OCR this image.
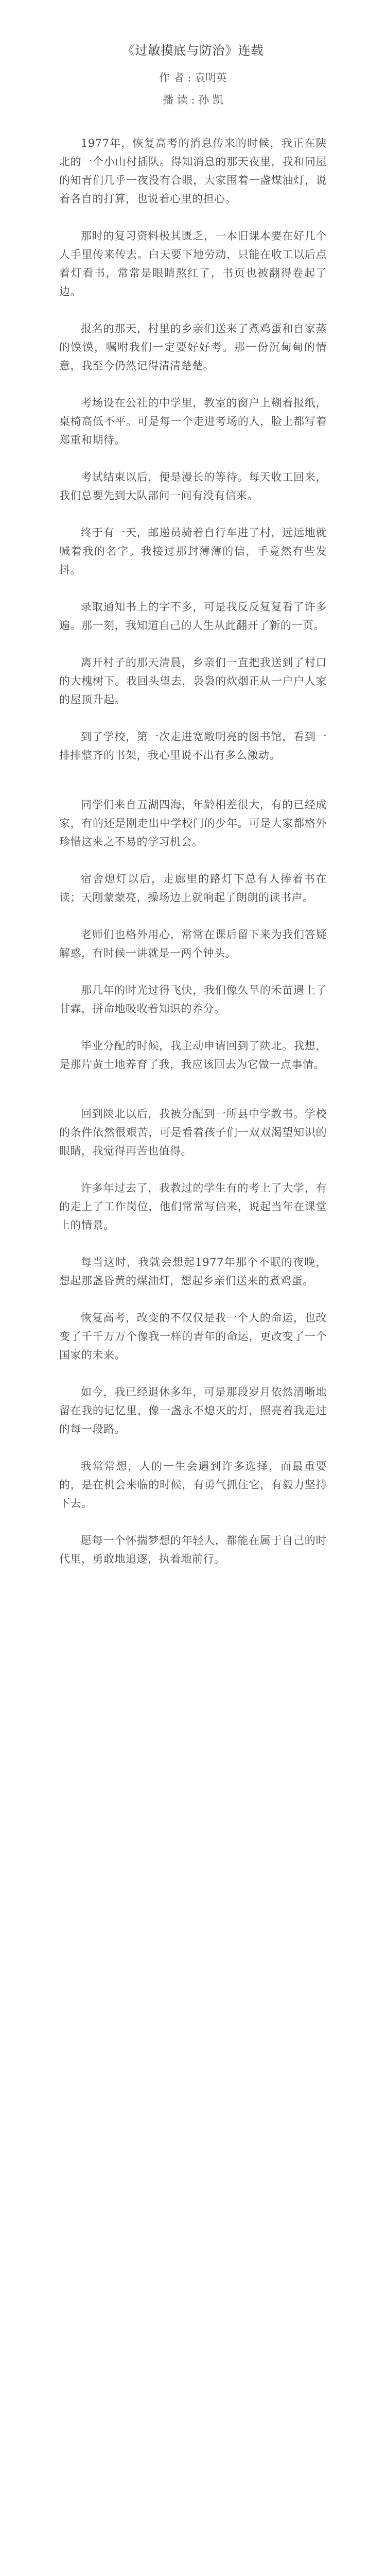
《过敏摸底与防治》连载
作 者 : 袁明英
播 读 : 孙 凯

1977年，恢复高考的消息传来的时候，我正在陕北的一个小山村插队。得知消息的那天夜里，我和同屋的知青们几乎一夜没有合眼，大家围着一盏煤油灯，说着各自的打算，也说着心里的担心。

那时的复习资料极其匮乏，一本旧课本要在好几个人手里传来传去。白天要下地劳动，只能在收工以后点着灯看书，常常是眼睛熬红了，书页也被翻得卷起了边。

报名的那天，村里的乡亲们送来了煮鸡蛋和自家蒸的馍馍，嘱咐我们一定要好好考。那一份沉甸甸的情意，我至今仍然记得清清楚楚。

考场设在公社的中学里，教室的窗户上糊着报纸，桌椅高低不平。可是每一个走进考场的人，脸上都写着郑重和期待。

考试结束以后，便是漫长的等待。每天收工回来，我们总要先到大队部问一问有没有信来。

终于有一天，邮递员骑着自行车进了村，远远地就喊着我的名字。我接过那封薄薄的信，手竟然有些发抖。

录取通知书上的字不多，可是我反反复复看了许多遍。那一刻，我知道自己的人生从此翻开了新的一页。

离开村子的那天清晨，乡亲们一直把我送到了村口的大槐树下。我回头望去，袅袅的炊烟正从一户户人家的屋顶升起。

到了学校，第一次走进宽敞明亮的图书馆，看到一排排整齐的书架，我心里说不出有多么激动。

同学们来自五湖四海，年龄相差很大，有的已经成家，有的还是刚走出中学校门的少年。可是大家都格外珍惜这来之不易的学习机会。

宿舍熄灯以后，走廊里的路灯下总有人捧着书在读；天刚蒙蒙亮，操场边上就响起了朗朗的读书声。

老师们也格外用心，常常在课后留下来为我们答疑解惑，有时候一讲就是一两个钟头。

那几年的时光过得飞快，我们像久旱的禾苗遇上了甘霖，拼命地吸收着知识的养分。

毕业分配的时候，我主动申请回到了陕北。我想，是那片黄土地养育了我，我应该回去为它做一点事情。

回到陕北以后，我被分配到一所县中学教书。学校的条件依然很艰苦，可是看着孩子们一双双渴望知识的眼睛，我觉得再苦也值得。

许多年过去了，我教过的学生有的考上了大学，有的走上了工作岗位，他们常常写信来，说起当年在课堂上的情景。

每当这时，我就会想起1977年那个不眠的夜晚，想起那盏昏黄的煤油灯，想起乡亲们送来的煮鸡蛋。

恢复高考，改变的不仅仅是我一个人的命运，也改变了千千万万个像我一样的青年的命运，更改变了一个国家的未来。

如今，我已经退休多年，可是那段岁月依然清晰地留在我的记忆里，像一盏永不熄灭的灯，照亮着我走过的每一段路。

我常常想，人的一生会遇到许多选择，而最重要的，是在机会来临的时候，有勇气抓住它，有毅力坚持下去。

愿每一个怀揣梦想的年轻人，都能在属于自己的时代里，勇敢地追逐，执着地前行。
